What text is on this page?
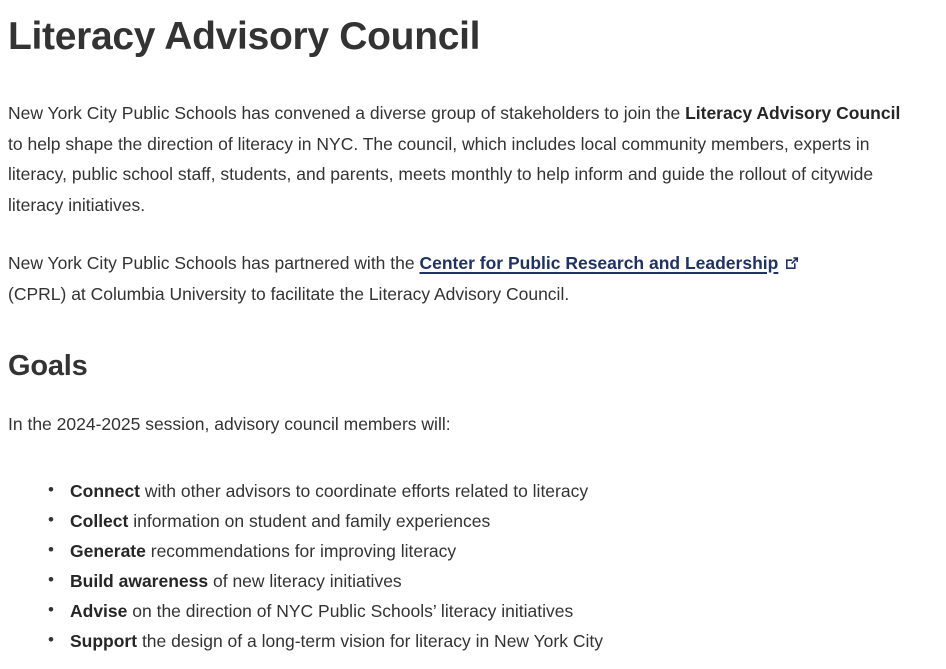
Literacy Advisory Council

New York City Public Schools has convened a diverse group of stakeholders to join the Literacy Advisory Council to help shape the direction of literacy in NYC. The council, which includes local community members, experts in literacy, public school staff, students, and parents, meets monthly to help inform and guide the rollout of citywide literacy initiatives.

New York City Public Schools has partnered with the Center for Public Research and Leadership

(CPRL) at Columbia University to facilitate the Literacy Advisory Council.

Goals

In the 2024-2025 session, advisory council members will:

• Connect with other advisors to coordinate efforts related to literacy
• Collect information on student and family experiences
• Generate recommendations for improving literacy
• Build awareness of new literacy initiatives
• Advise on the direction of NYC Public Schools’ literacy initiatives
• Support the design of a long-term vision for literacy in New York City
